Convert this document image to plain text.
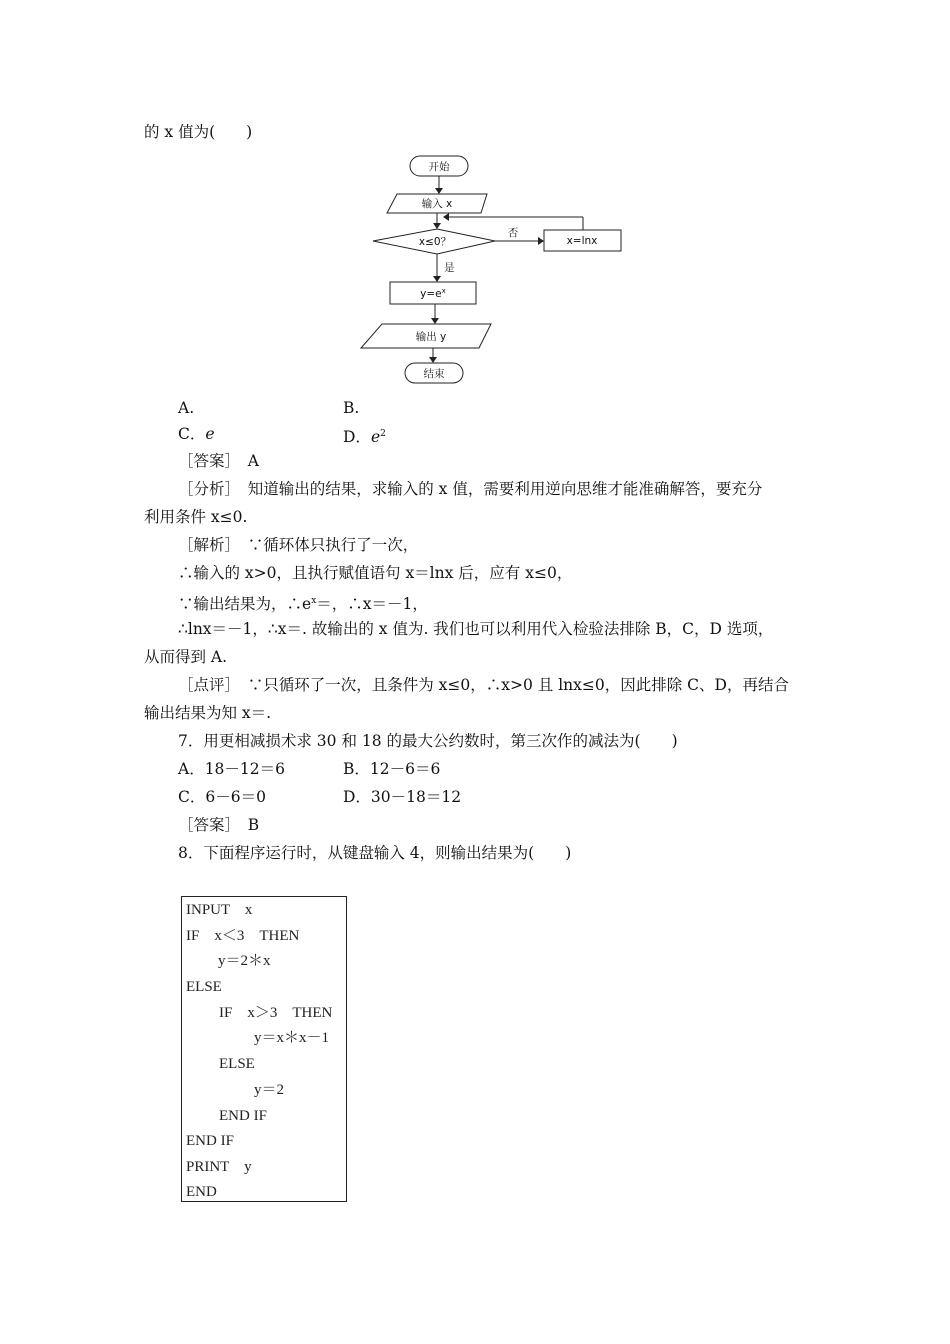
的 x 值为(　　)
开始
输入 x
x≤0？
否
x=lnx
是
$y=e^x$
输出 y
结束
A.	B.
C．e	D．$e^2$
［答案］　A
［分析］　知道输出的结果，求输入的 x 值，需要利用逆向思维才能准确解答，要充分
利用条件 x≤0.
［解析］　∵循环体只执行了一次，
∴输入的 x>0，且执行赋值语句 x＝lnx 后，应有 x≤0，
∵输出结果为，$\therefore e^x=$，∴x＝－1，
∴lnx＝－1，∴x＝. 故输出的 x 值为. 我们也可以利用代入检验法排除 B，C，D 选项，
从而得到 A.
［点评］　∵只循环了一次，且条件为 x≤0，∴x>0 且 lnx≤0，因此排除 C、D，再结合
输出结果为知 x＝.
7．用更相减损术求 30 和 18 的最大公约数时，第三次作的减法为(　　)
A．18－12＝6	B．12－6＝6
C．6－6＝0	D．30－18＝12
［答案］　B
8．下面程序运行时，从键盘输入 4，则输出结果为(　　)
INPUT　x
IF　x＜3　THEN
y＝2＊x
ELSE
IF　x＞3　THEN
y＝x＊x－1
ELSE
y＝2
END IF
END IF
PRINT　y
END
